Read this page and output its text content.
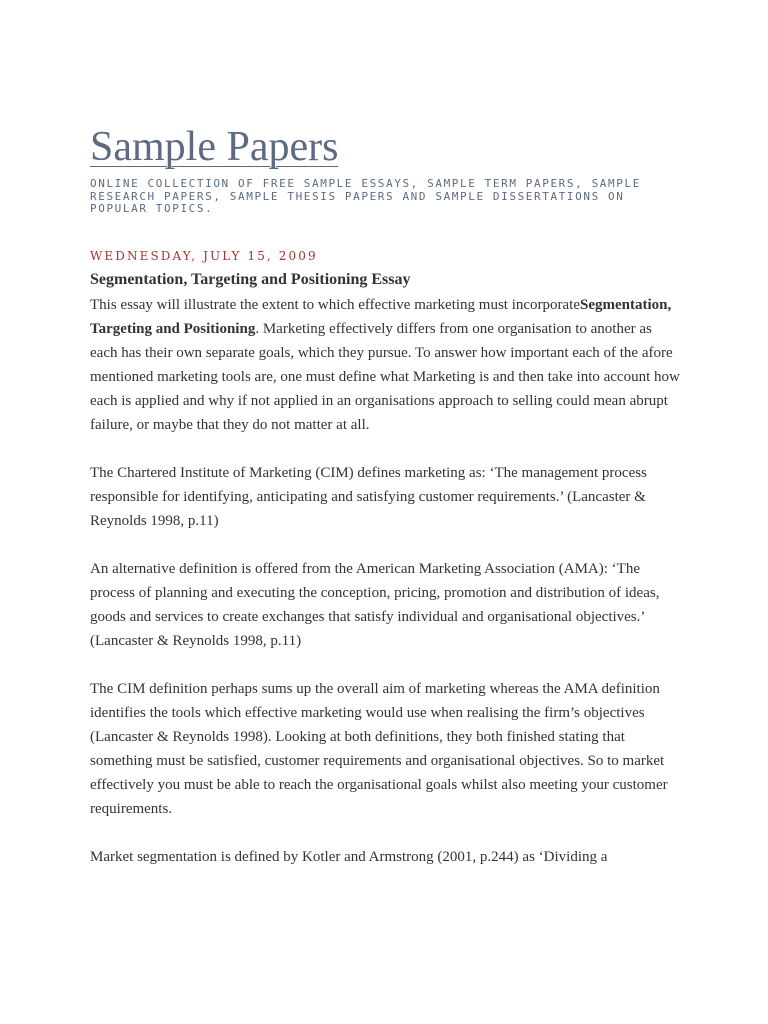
Sample Papers
ONLINE COLLECTION OF FREE SAMPLE ESSAYS, SAMPLE TERM PAPERS, SAMPLE RESEARCH PAPERS, SAMPLE THESIS PAPERS AND SAMPLE DISSERTATIONS ON POPULAR TOPICS.
WEDNESDAY, JULY 15, 2009
Segmentation, Targeting and Positioning Essay

This essay will illustrate the extent to which effective marketing must incorporateSegmentation, Targeting and Positioning. Marketing effectively differs from one organisation to another as each has their own separate goals, which they pursue. To answer how important each of the afore mentioned marketing tools are, one must define what Marketing is and then take into account how each is applied and why if not applied in an organisations approach to selling could mean abrupt failure, or maybe that they do not matter at all.

The Chartered Institute of Marketing (CIM) defines marketing as: ‘The management process responsible for identifying, anticipating and satisfying customer requirements.’ (Lancaster & Reynolds 1998, p.11)

An alternative definition is offered from the American Marketing Association (AMA): ‘The process of planning and executing the conception, pricing, promotion and distribution of ideas, goods and services to create exchanges that satisfy individual and organisational objectives.’ (Lancaster & Reynolds 1998, p.11)

The CIM definition perhaps sums up the overall aim of marketing whereas the AMA definition identifies the tools which effective marketing would use when realising the firm’s objectives (Lancaster & Reynolds 1998). Looking at both definitions, they both finished stating that something must be satisfied, customer requirements and organisational objectives. So to market effectively you must be able to reach the organisational goals whilst also meeting your customer requirements.

Market segmentation is defined by Kotler and Armstrong (2001, p.244) as ‘Dividing a
